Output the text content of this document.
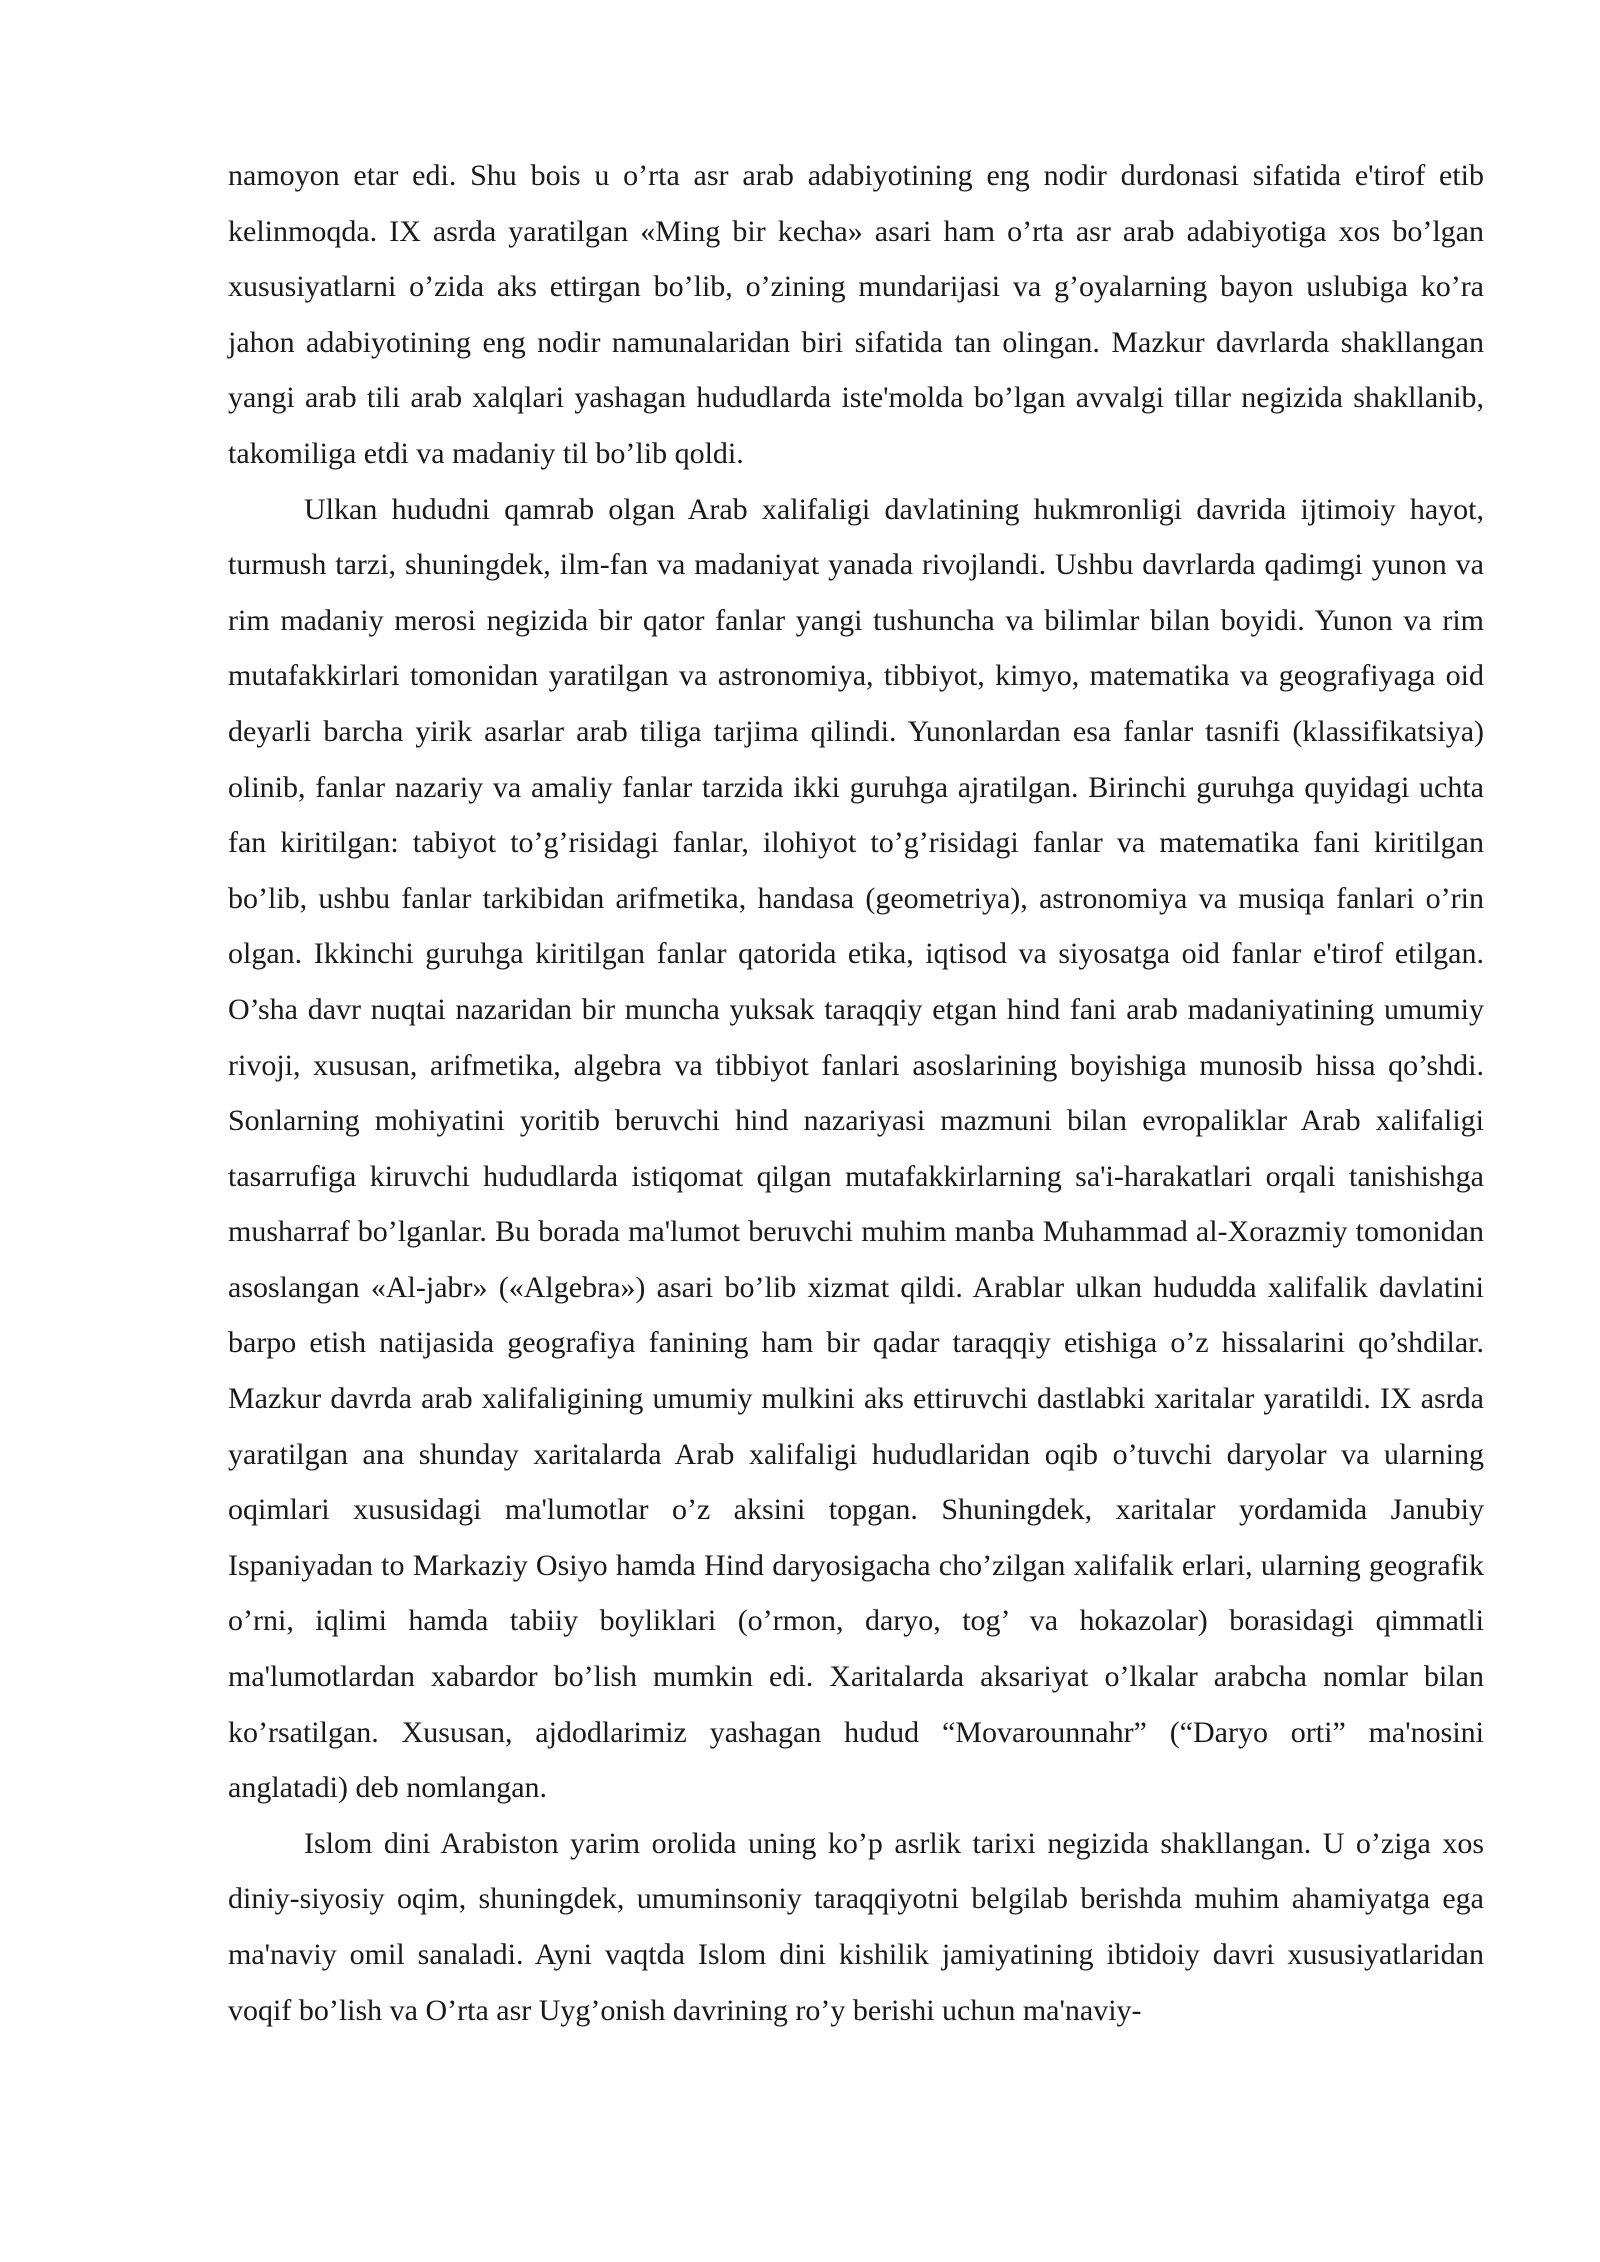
namoyon etar edi. Shu bois u o’rta asr arab adabiyotining eng nodir durdonasi sifatida e'tirof etib kelinmoqda. IX asrda yaratilgan «Ming bir kecha» asari ham o’rta asr arab adabiyotiga xos bo’lgan xususiyatlarni o’zida aks ettirgan bo’lib, o’zining mundarijasi va g’oyalarning bayon uslubiga ko’ra jahon adabiyotining eng nodir namunalaridan biri sifatida tan olingan. Mazkur davrlarda shakllangan yangi arab tili arab xalqlari yashagan hududlarda iste'molda bo’lgan avvalgi tillar negizida shakllanib, takomiliga etdi va madaniy til bo’lib qoldi.

Ulkan hududni qamrab olgan Arab xalifaligi davlatining hukmronligi davrida ijtimoiy hayot, turmush tarzi, shuningdek, ilm-fan va madaniyat yanada rivojlandi. Ushbu davrlarda qadimgi yunon va rim madaniy merosi negizida bir qator fanlar yangi tushuncha va bilimlar bilan boyidi. Yunon va rim mutafakkirlari tomonidan yaratilgan va astronomiya, tibbiyot, kimyo, matematika va geografiyaga oid deyarli barcha yirik asarlar arab tiliga tarjima qilindi. Yunonlardan esa fanlar tasnifi (klassifikatsiya) olinib, fanlar nazariy va amaliy fanlar tarzida ikki guruhga ajratilgan. Birinchi guruhga quyidagi uchta fan kiritilgan: tabiyot to’g’risidagi fanlar, ilohiyot to’g’risidagi fanlar va matematika fani kiritilgan bo’lib, ushbu fanlar tarkibidan arifmetika, handasa (geometriya), astronomiya va musiqa fanlari o’rin olgan. Ikkinchi guruhga kiritilgan fanlar qatorida etika, iqtisod va siyosatga oid fanlar e'tirof etilgan. O’sha davr nuqtai nazaridan bir muncha yuksak taraqqiy etgan hind fani arab madaniyatining umumiy rivoji, xususan, arifmetika, algebra va tibbiyot fanlari asoslarining boyishiga munosib hissa qo’shdi. Sonlarning mohiyatini yoritib beruvchi hind nazariyasi mazmuni bilan evropaliklar Arab xalifaligi tasarrufiga kiruvchi hududlarda istiqomat qilgan mutafakkirlarning sa'i-harakatlari orqali tanishishga musharraf bo’lganlar. Bu borada ma'lumot beruvchi muhim manba Muhammad al-Xorazmiy tomonidan asoslangan «Al-jabr» («Algebra») asari bo’lib xizmat qildi. Arablar ulkan hududda xalifalik davlatini barpo etish natijasida geografiya fanining ham bir qadar taraqqiy etishiga o’z hissalarini qo’shdilar. Mazkur davrda arab xalifaligining umumiy mulkini aks ettiruvchi dastlabki xaritalar yaratildi. IX asrda yaratilgan ana shunday xaritalarda Arab xalifaligi hududlaridan oqib o’tuvchi daryolar va ularning oqimlari xususidagi ma'lumotlar o’z aksini topgan. Shuningdek, xaritalar yordamida Janubiy Ispaniyadan to Markaziy Osiyo hamda Hind daryosigacha cho’zilgan xalifalik erlari, ularning geografik o’rni, iqlimi hamda tabiiy boyliklari (o’rmon, daryo, tog’ va hokazolar) borasidagi qimmatli ma'lumotlardan xabardor bo’lish mumkin edi. Xaritalarda aksariyat o’lkalar arabcha nomlar bilan ko’rsatilgan. Xususan, ajdodlarimiz yashagan hudud “Movarounnahr” (“Daryo orti” ma'nosini anglatadi) deb nomlangan.

Islom dini Arabiston yarim orolida uning ko’p asrlik tarixi negizida shakllangan. U o’ziga xos diniy-siyosiy oqim, shuningdek, umuminsoniy taraqqiyotni belgilab berishda muhim ahamiyatga ega ma'naviy omil sanaladi. Ayni vaqtda Islom dini kishilik jamiyatining ibtidoiy davri xususiyatlaridan voqif bo’lish va O’rta asr Uyg’onish davrining ro’y berishi uchun ma'naviy-
